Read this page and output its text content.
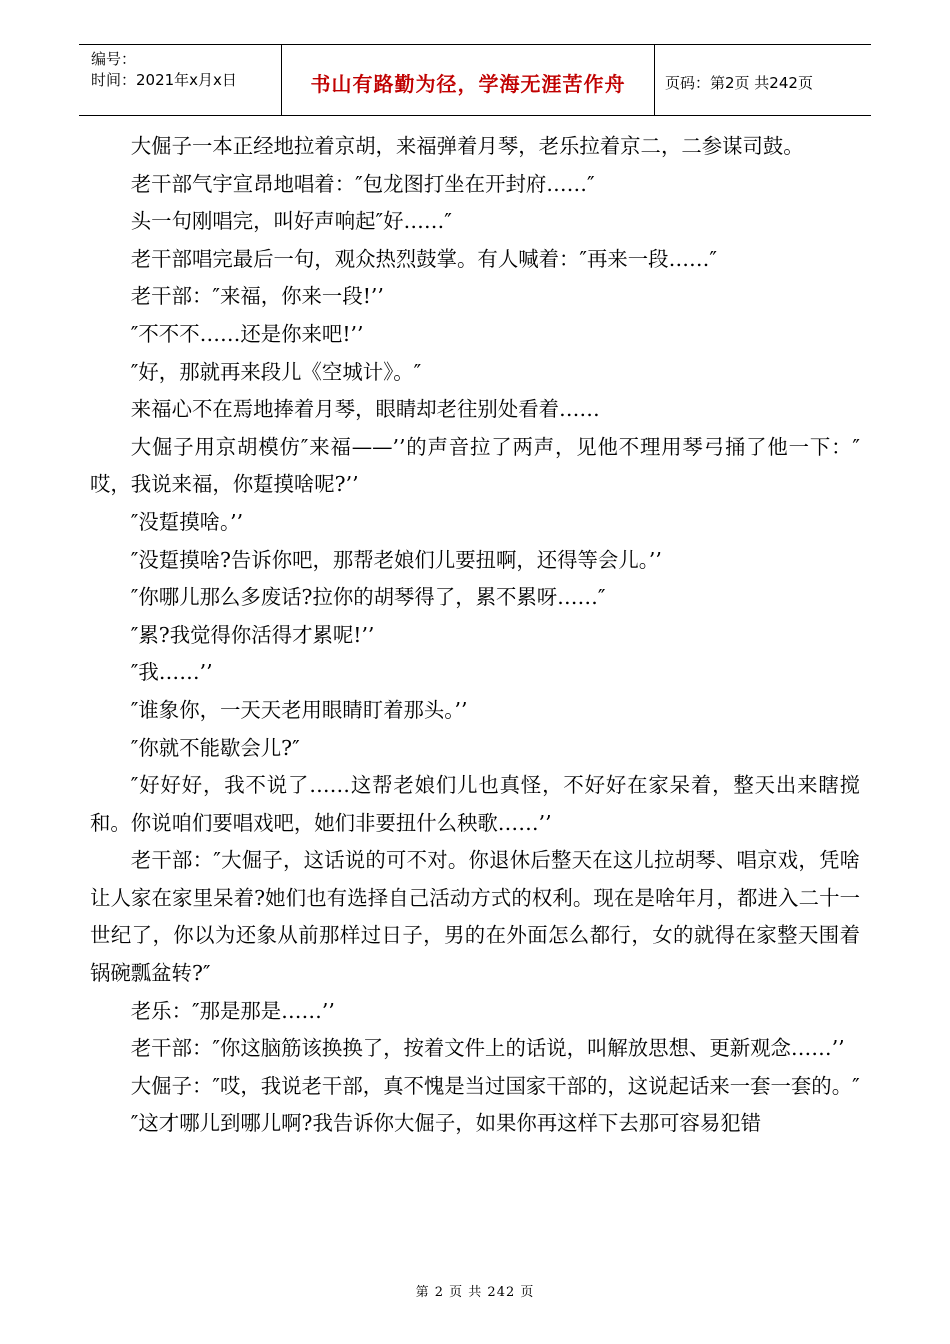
编号：
时间：2021年x月x日	书山有路勤为径，学海无涯苦作舟	页码：第2页 共242页

大倔子一本正经地拉着京胡，来福弹着月琴，老乐拉着京二，二参谋司鼓。

老干部气宇宣昂地唱着：″包龙图打坐在开封府……″

头一句刚唱完，叫好声响起″好……″

老干部唱完最后一句，观众热烈鼓掌。有人喊着：″再来一段……″

老干部：″来福，你来一段!’’

″不不不……还是你来吧!’’

″好，那就再来段儿《空城计》。″

来福心不在焉地捧着月琴，眼睛却老往别处看着……

大倔子用京胡模仿″来福——’’的声音拉了两声，见他不理用琴弓捅了他一下：″哎，我说来福，你踅摸啥呢?’’

″没踅摸啥。’’

″没踅摸啥?告诉你吧，那帮老娘们儿要扭啊，还得等会儿。’’

″你哪儿那么多废话?拉你的胡琴得了，累不累呀……″

″累?我觉得你活得才累呢!’’

″我……’’

″谁象你，一天天老用眼睛盯着那头。’’

″你就不能歇会儿?″

″好好好，我不说了……这帮老娘们儿也真怪，不好好在家呆着，整天出来瞎搅和。你说咱们要唱戏吧，她们非要扭什么秧歌……’’

老干部：″大倔子，这话说的可不对。你退休后整天在这儿拉胡琴、唱京戏，凭啥让人家在家里呆着?她们也有选择自己活动方式的权利。现在是啥年月，都进入二十一世纪了，你以为还象从前那样过日子，男的在外面怎么都行，女的就得在家整天围着锅碗瓢盆转?″

老乐：″那是那是……’’

老干部：″你这脑筋该换换了，按着文件上的话说，叫解放思想、更新观念……’’

大倔子：″哎，我说老干部，真不愧是当过国家干部的，这说起话来一套一套的。″

″这才哪儿到哪儿啊?我告诉你大倔子，如果你再这样下去那可容易犯错

第 2 页 共 242 页
